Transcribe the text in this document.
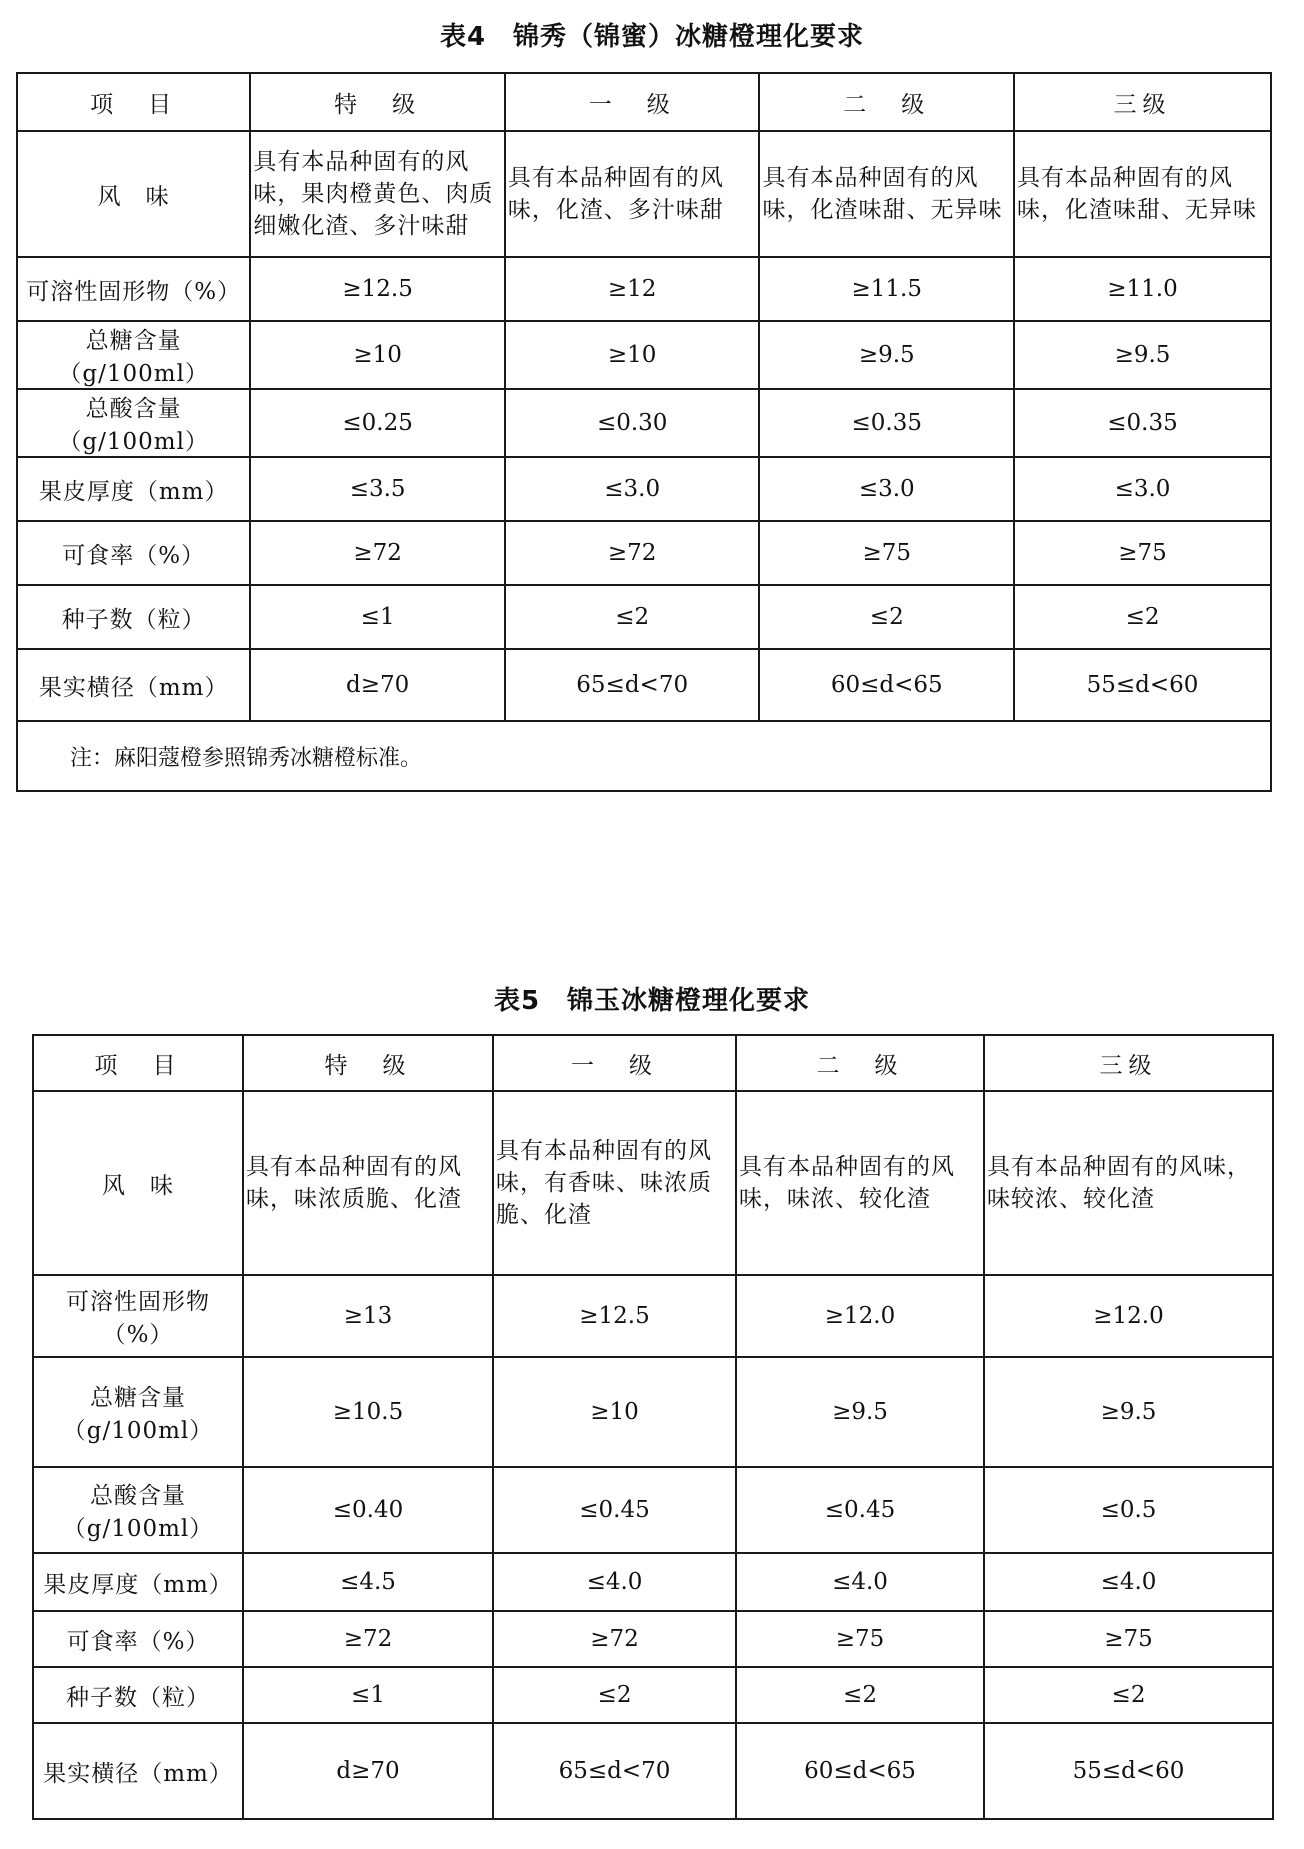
表4　锦秀（锦蜜）冰糖橙理化要求
项　目	特　级	一　级	二　级	三级
风　味	具有本品种固有的风味，果肉橙黄色、肉质细嫩化渣、多汁味甜	具有本品种固有的风味，化渣、多汁味甜	具有本品种固有的风味，化渣味甜、无异味	具有本品种固有的风味，化渣味甜、无异味
可溶性固形物（%）	≥12.5	≥12	≥11.5	≥11.0
总糖含量（g/100ml）	≥10	≥10	≥9.5	≥9.5
总酸含量（g/100ml）	≤0.25	≤0.30	≤0.35	≤0.35
果皮厚度（mm）	≤3.5	≤3.0	≤3.0	≤3.0
可食率（%）	≥72	≥72	≥75	≥75
种子数（粒）	≤1	≤2	≤2	≤2
果实横径（mm）	d≥70	65≤d<70	60≤d<65	55≤d<60
注：麻阳蔻橙参照锦秀冰糖橙标准。				
表5　锦玉冰糖橙理化要求
项　目	特　级	一　级	二　级	三级
风　味	具有本品种固有的风味，味浓质脆、化渣	具有本品种固有的风味，有香味、味浓质脆、化渣	具有本品种固有的风味，味浓、较化渣	具有本品种固有的风味，味较浓、较化渣
可溶性固形物（%）	≥13	≥12.5	≥12.0	≥12.0
总糖含量（g/100ml）	≥10.5	≥10	≥9.5	≥9.5
总酸含量（g/100ml）	≤0.40	≤0.45	≤0.45	≤0.5
果皮厚度（mm）	≤4.5	≤4.0	≤4.0	≤4.0
可食率（%）	≥72	≥72	≥75	≥75
种子数（粒）	≤1	≤2	≤2	≤2
果实横径（mm）	d≥70	65≤d<70	60≤d<65	55≤d<60
